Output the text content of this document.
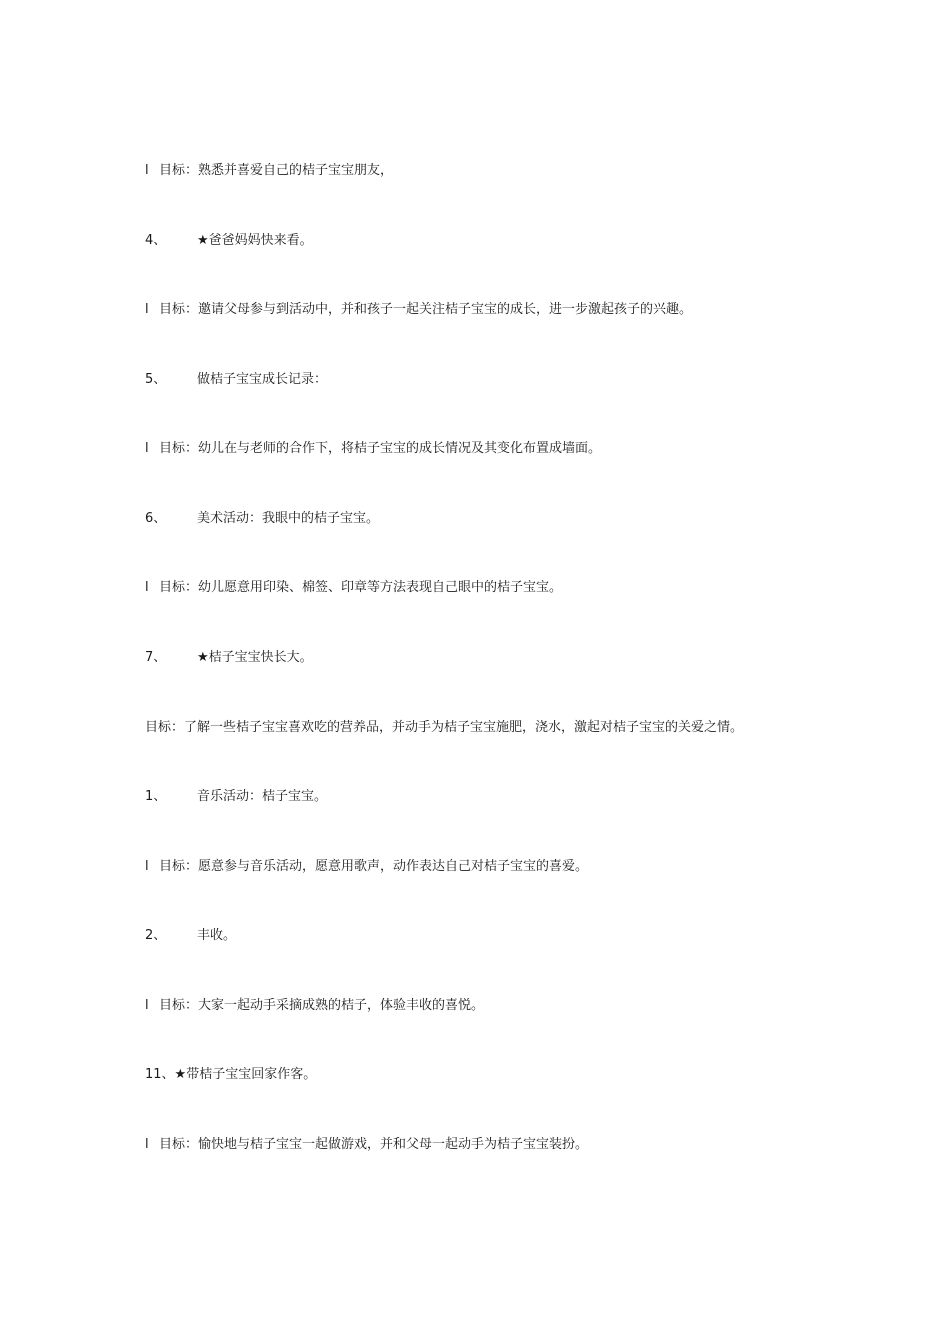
l 目标：熟悉并喜爱自己的桔子宝宝朋友，
4、 ★爸爸妈妈快来看。
l 目标：邀请父母参与到活动中，并和孩子一起关注桔子宝宝的成长，进一步激起孩子的兴趣。
5、 做桔子宝宝成长记录：
l 目标：幼儿在与老师的合作下，将桔子宝宝的成长情况及其变化布置成墙面。
6、 美术活动：我眼中的桔子宝宝。
l 目标：幼儿愿意用印染、棉签、印章等方法表现自己眼中的桔子宝宝。
7、 ★桔子宝宝快长大。
目标：了解一些桔子宝宝喜欢吃的营养品，并动手为桔子宝宝施肥，浇水，激起对桔子宝宝的关爱之情。
1、 音乐活动：桔子宝宝。
l 目标：愿意参与音乐活动，愿意用歌声，动作表达自己对桔子宝宝的喜爱。
2、 丰收。
l 目标：大家一起动手采摘成熟的桔子，体验丰收的喜悦。
11、★带桔子宝宝回家作客。
l 目标：愉快地与桔子宝宝一起做游戏，并和父母一起动手为桔子宝宝装扮。
